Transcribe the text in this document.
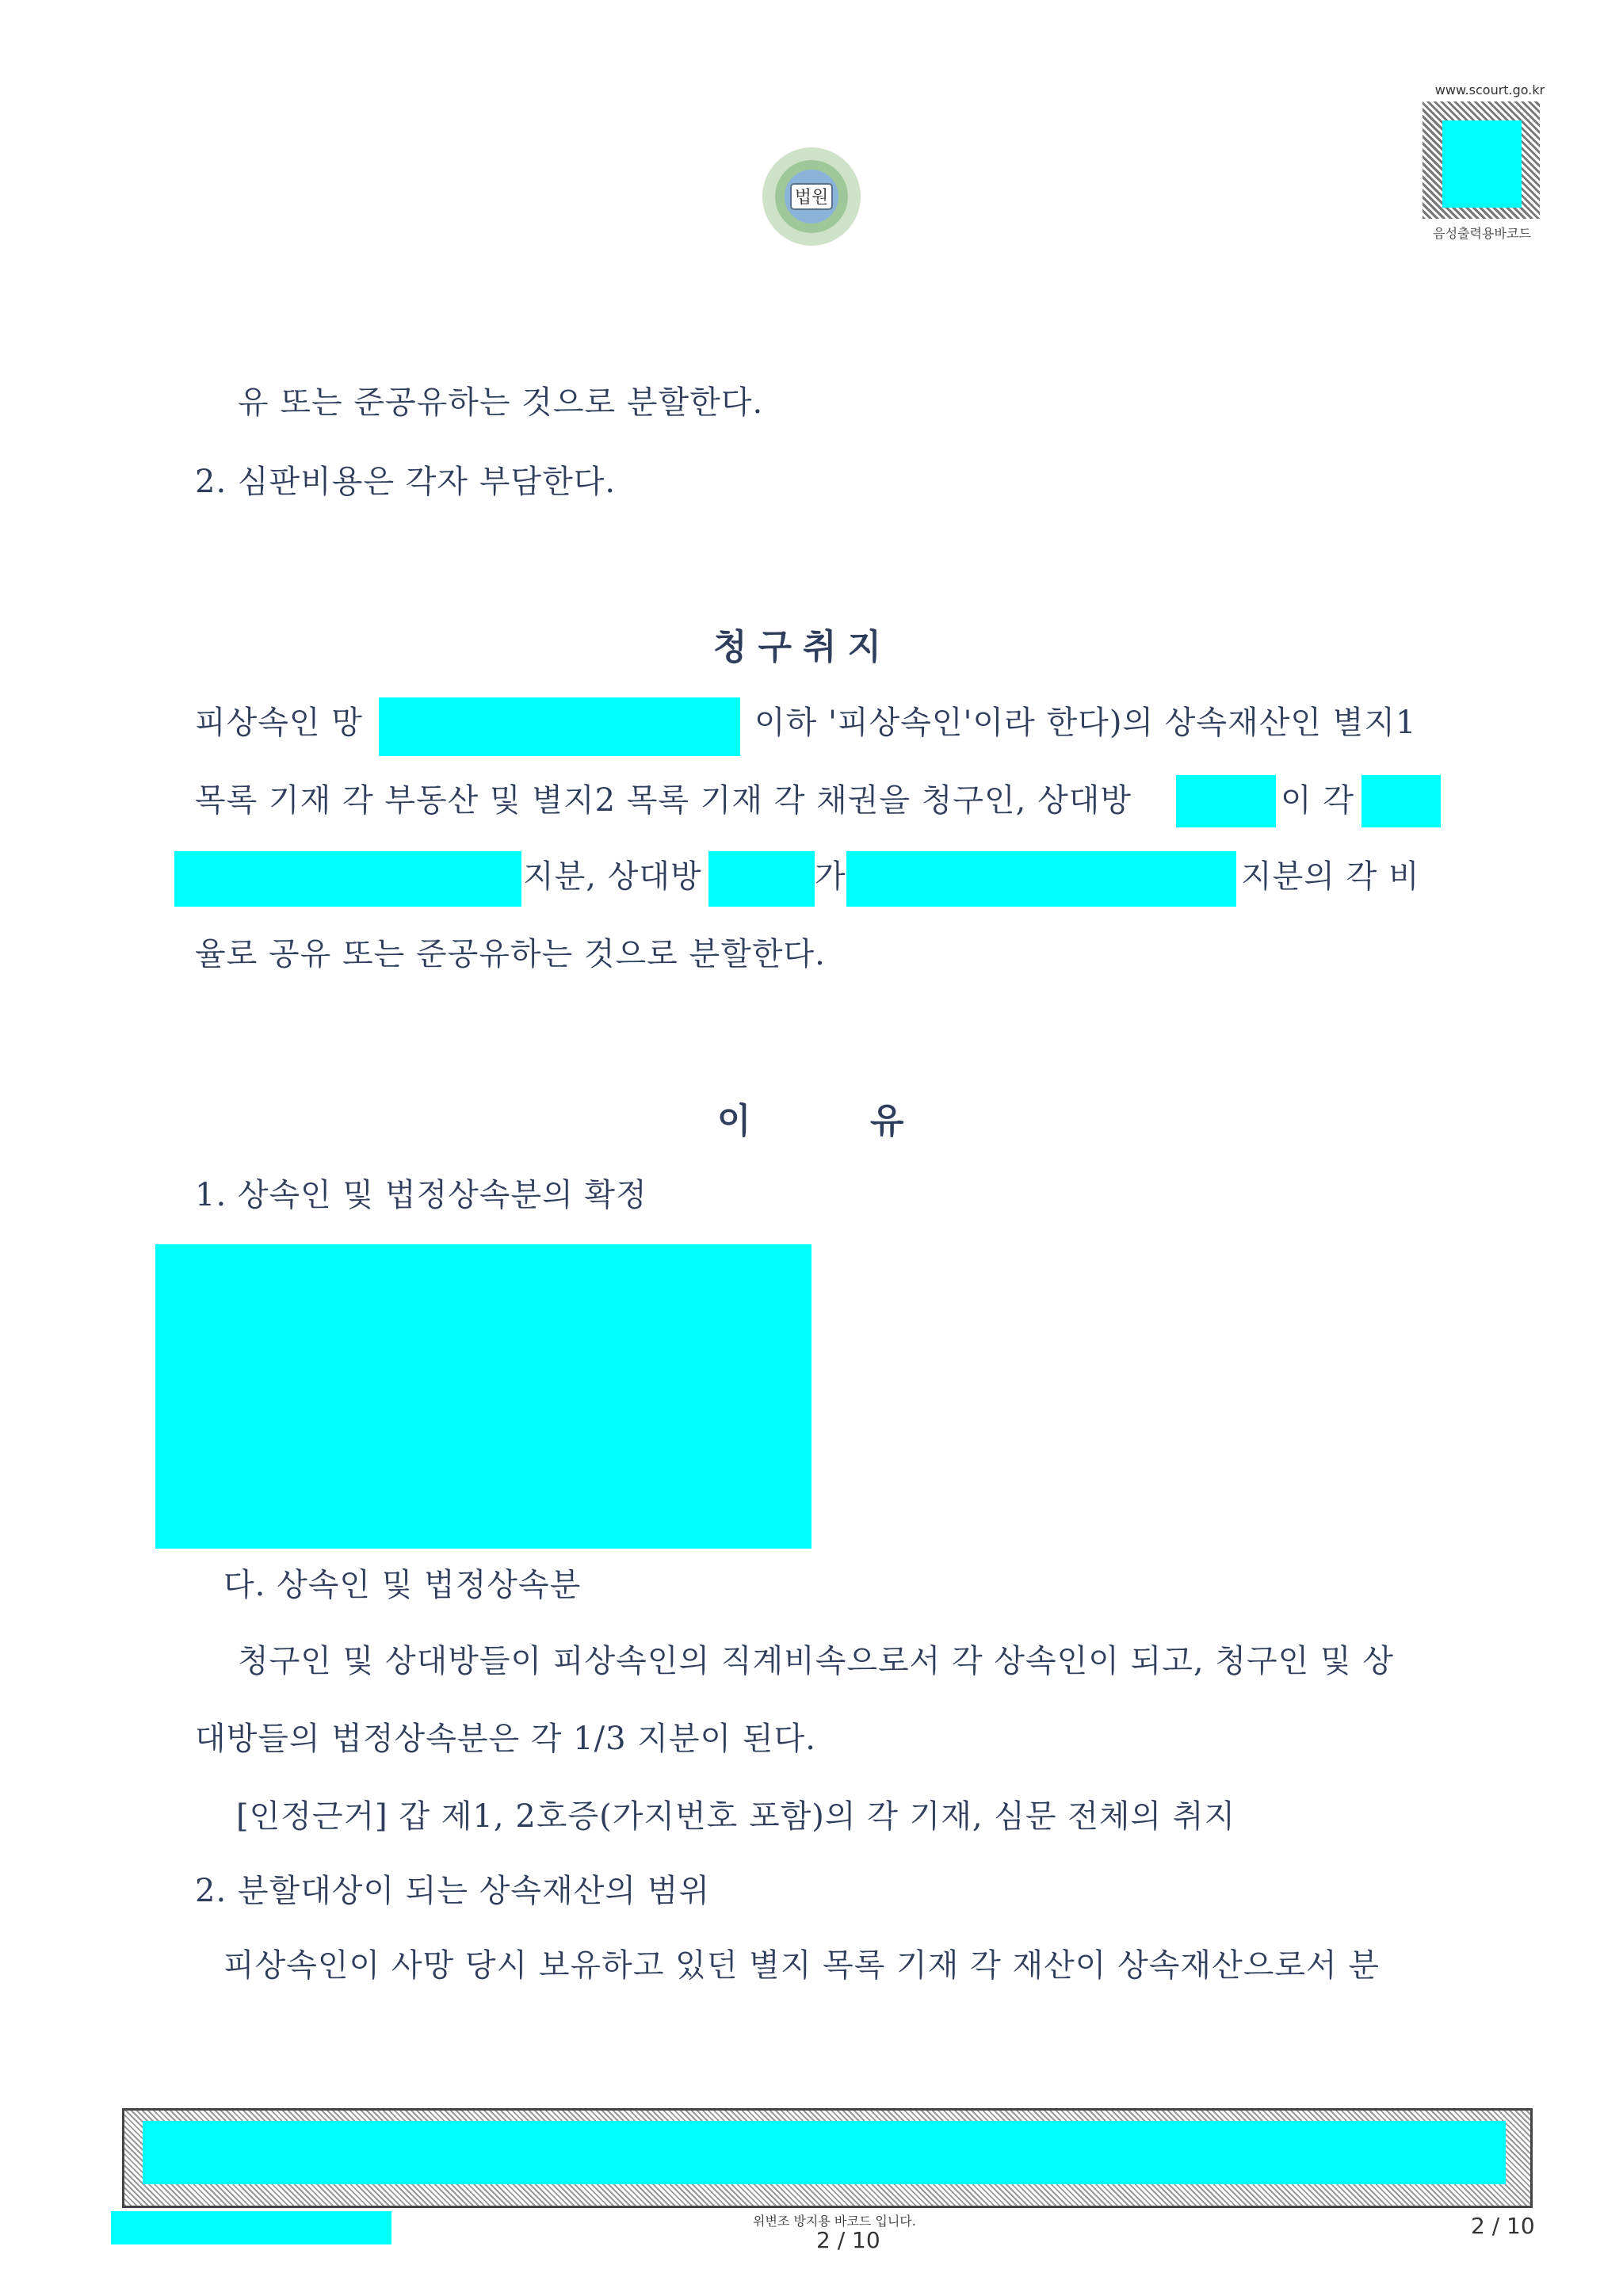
법원
www.scourt.go.kr
음성출력용바코드
유 또는 준공유하는 것으로 분할한다.
2. 심판비용은 각자 부담한다.
청구취지
피상속인 망	이하 '피상속인'이라 한다)의 상속재산인 별지1
목록 기재 각 부동산 및 별지2 목록 기재 각 채권을 청구인, 상대방	이 각
지분, 상대방	가	지분의 각 비
율로 공유 또는 준공유하는 것으로 분할한다.
이	유
1. 상속인 및 법정상속분의 확정
다. 상속인 및 법정상속분
청구인 및 상대방들이 피상속인의 직계비속으로서 각 상속인이 되고, 청구인 및 상
대방들의 법정상속분은 각 1/3 지분이 된다.
[인정근거] 갑 제1, 2호증(가지번호 포함)의 각 기재, 심문 전체의 취지
2. 분할대상이 되는 상속재산의 범위
피상속인이 사망 당시 보유하고 있던 별지 목록 기재 각 재산이 상속재산으로서 분
위변조 방지용 바코드 입니다.
2 / 10
2 / 10
